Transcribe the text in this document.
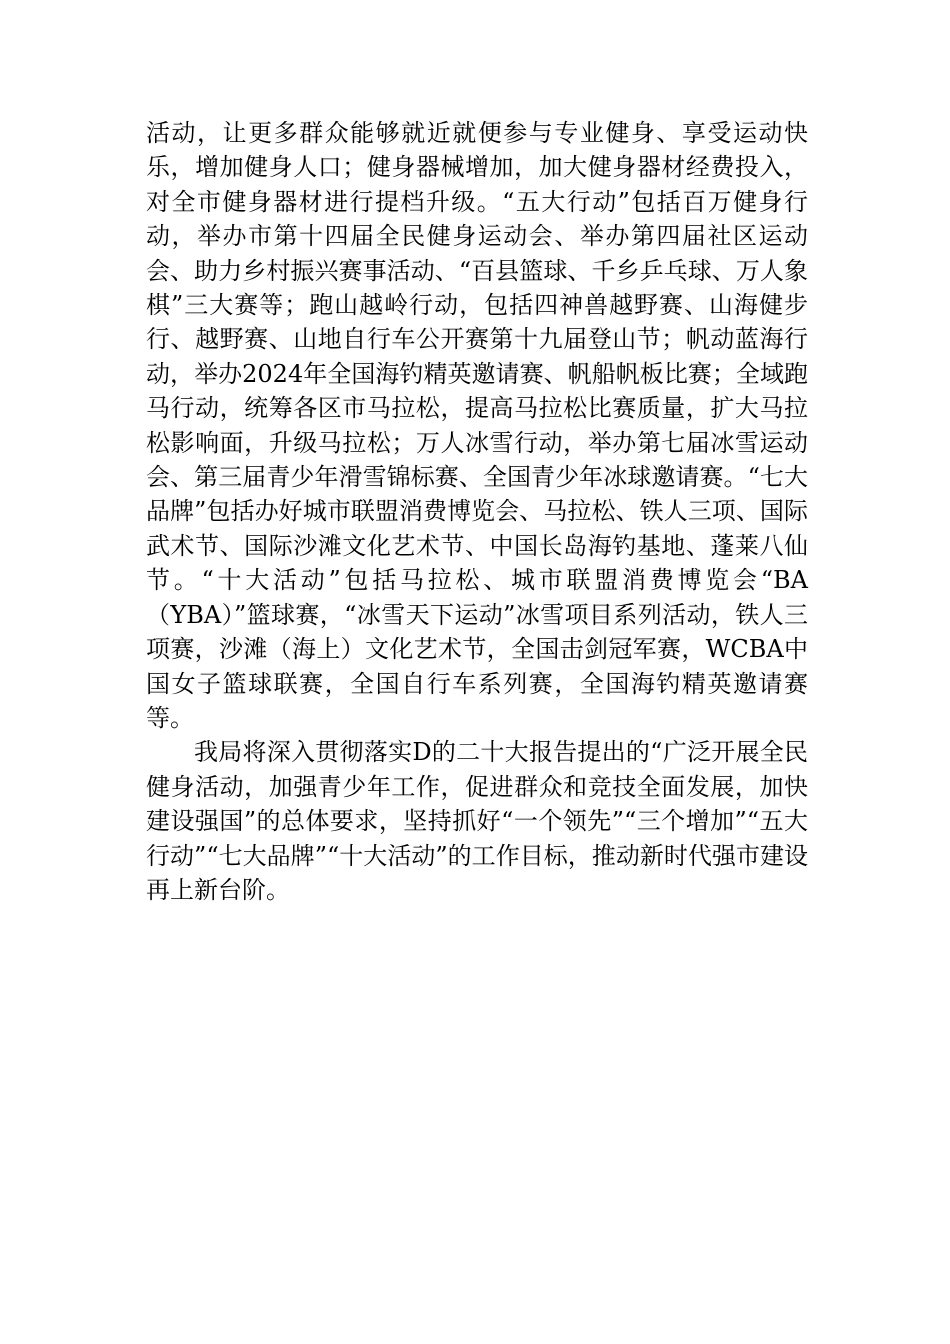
活动，让更多群众能够就近就便参与专业健身、享受运动快乐，增加健身人口；健身器械增加，加大健身器材经费投入，对全市健身器材进行提档升级。“五大行动”包括百万健身行动，举办市第十四届全民健身运动会、举办第四届社区运动会、助力乡村振兴赛事活动、“百县篮球、千乡乒乓球、万人象棋”三大赛等；跑山越岭行动，包括四神兽越野赛、山海健步行、越野赛、山地自行车公开赛第十九届登山节；帆动蓝海行动，举办2024年全国海钓精英邀请赛、帆船帆板比赛；全域跑马行动，统筹各区市马拉松，提高马拉松比赛质量，扩大马拉松影响面，升级马拉松；万人冰雪行动，举办第七届冰雪运动会、第三届青少年滑雪锦标赛、全国青少年冰球邀请赛。“七大品牌”包括办好城市联盟消费博览会、马拉松、铁人三项、国际武术节、国际沙滩文化艺术节、中国长岛海钓基地、蓬莱八仙节。“十大活动”包括马拉松、城市联盟消费博览会“BA（YBA）”篮球赛，“冰雪天下运动”冰雪项目系列活动，铁人三项赛，沙滩（海上）文化艺术节，全国击剑冠军赛，WCBA中国女子篮球联赛，全国自行车系列赛，全国海钓精英邀请赛等。

我局将深入贯彻落实D的二十大报告提出的“广泛开展全民健身活动，加强青少年工作，促进群众和竞技全面发展，加快建设强国”的总体要求，坚持抓好“一个领先”“三个增加”“五大行动”“七大品牌”“十大活动”的工作目标，推动新时代强市建设再上新台阶。
